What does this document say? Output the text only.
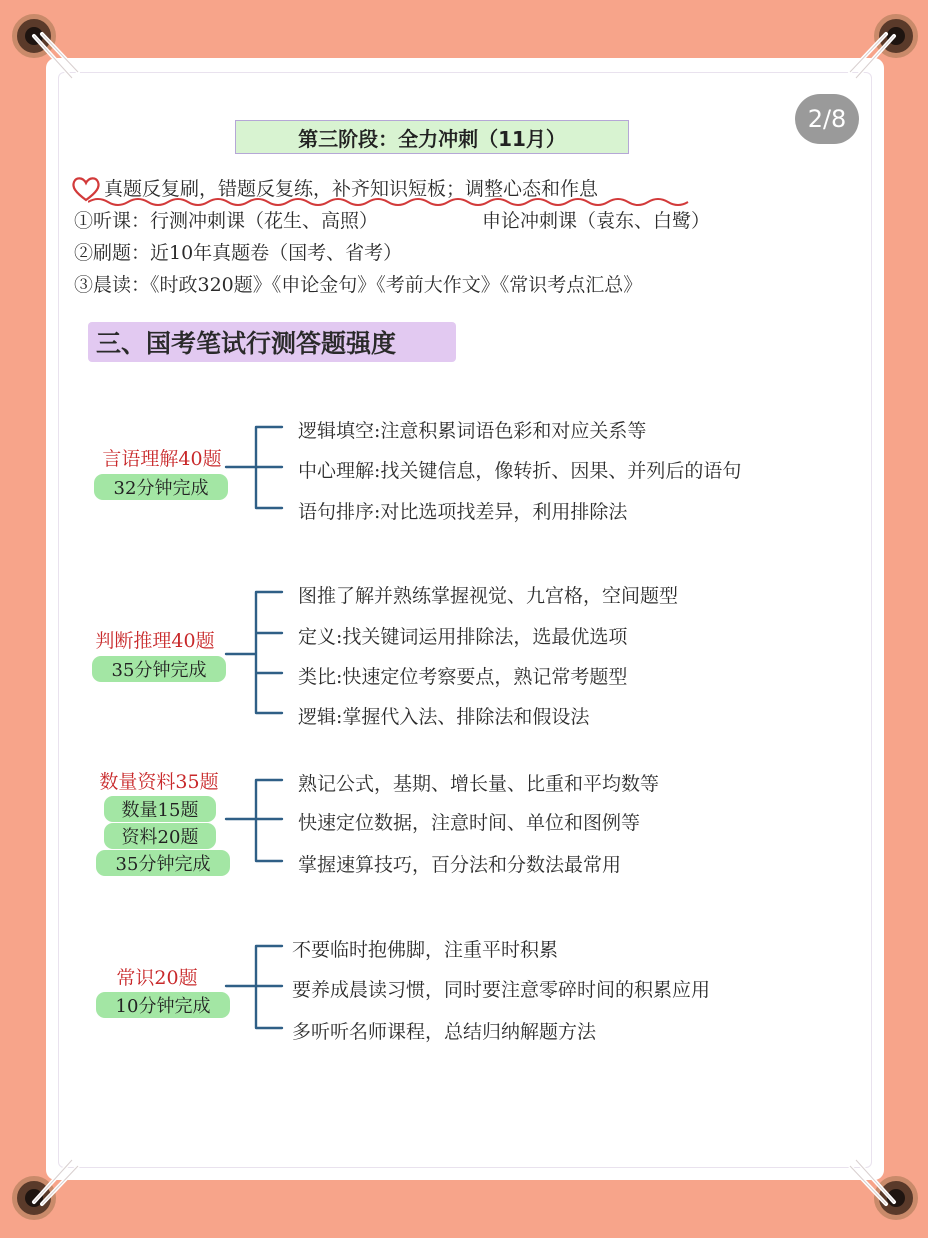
2/8
第三阶段：全力冲刺（11月）
真题反复刷，错题反复练，补齐知识短板；调整心态和作息
①听课：行测冲刺课（花生、高照）	申论冲刺课（袁东、白鹭）
②刷题：近10年真题卷（国考、省考）
③晨读：《时政320题》《申论金句》《考前大作文》《常识考点汇总》
三、国考笔试行测答题强度
言语理解40题
32分钟完成
逻辑填空:注意积累词语色彩和对应关系等
中心理解:找关键信息，像转折、因果、并列后的语句
语句排序:对比选项找差异，利用排除法
判断推理40题
35分钟完成
图推了解并熟练掌握视觉、九宫格，空间题型
定义:找关键词运用排除法，选最优选项
类比:快速定位考察要点，熟记常考题型
逻辑:掌握代入法、排除法和假设法
数量资料35题
数量15题
资料20题
35分钟完成
熟记公式，基期、增长量、比重和平均数等
快速定位数据，注意时间、单位和图例等
掌握速算技巧，百分法和分数法最常用
常识20题
10分钟完成
不要临时抱佛脚，注重平时积累
要养成晨读习惯，同时要注意零碎时间的积累应用
多听听名师课程，总结归纳解题方法
